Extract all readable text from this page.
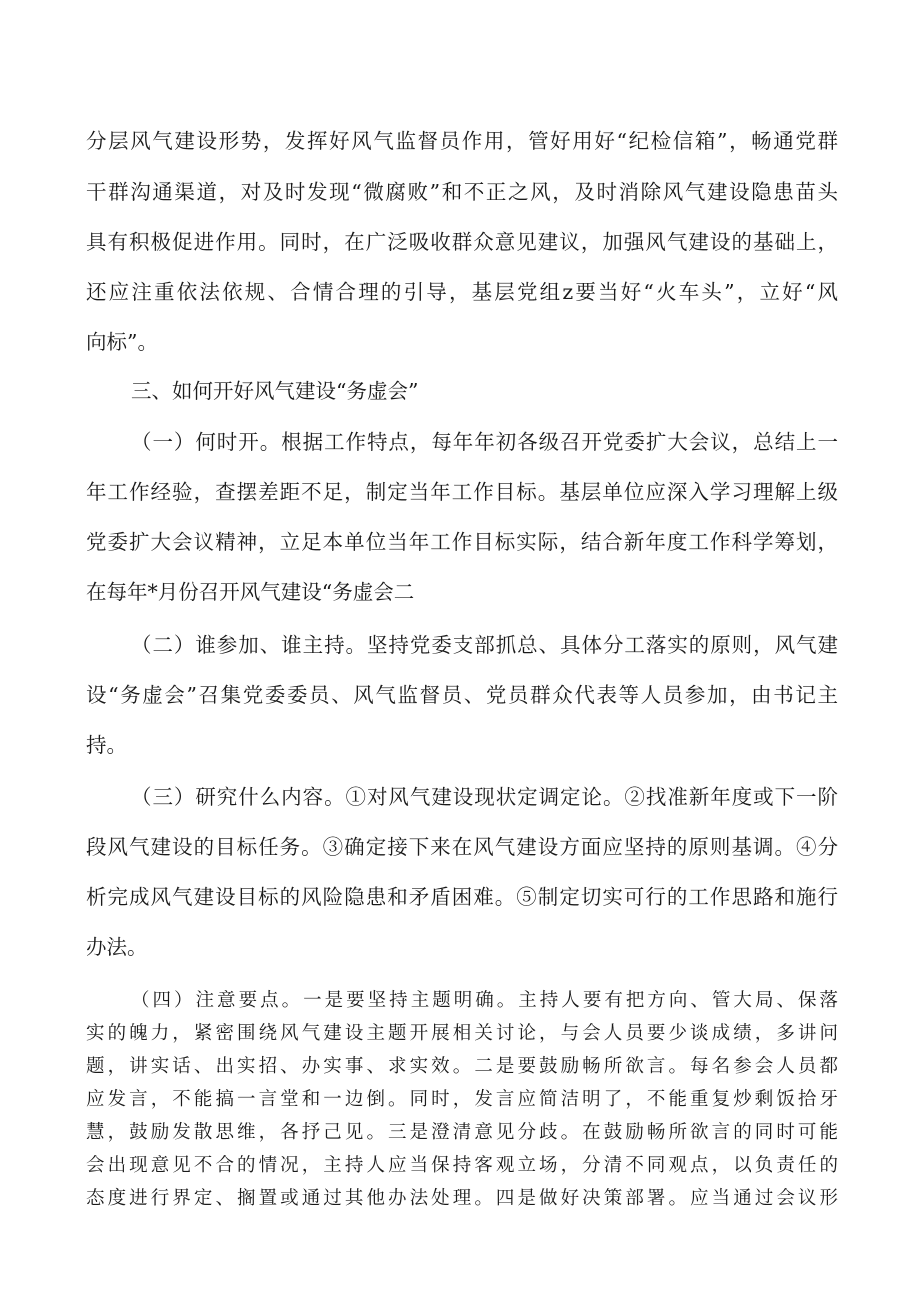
分层风气建设形势，发挥好风气监督员作用，管好用好“纪检信箱”，畅通党群
干群沟通渠道，对及时发现“微腐败”和不正之风，及时消除风气建设隐患苗头
具有积极促进作用。同时，在广泛吸收群众意见建议，加强风气建设的基础上，
还应注重依法依规、合情合理的引导，基层党组z要当好“火车头”，立好“风
向标”。
三、如何开好风气建设“务虚会”
（一）何时开。根据工作特点，每年年初各级召开党委扩大会议，总结上一
年工作经验，查摆差距不足，制定当年工作目标。基层单位应深入学习理解上级
党委扩大会议精神，立足本单位当年工作目标实际，结合新年度工作科学筹划，
在每年*月份召开风气建设“务虚会二
（二）谁参加、谁主持。坚持党委支部抓总、具体分工落实的原则，风气建
设“务虚会”召集党委委员、风气监督员、党员群众代表等人员参加，由书记主
持。
（三）研究什么内容。①对风气建设现状定调定论。②找准新年度或下一阶
段风气建设的目标任务。③确定接下来在风气建设方面应坚持的原则基调。④分
析完成风气建设目标的风险隐患和矛盾困难。⑤制定切实可行的工作思路和施行
办法。
（四）注意要点。一是要坚持主题明确。主持人要有把方向、管大局、保落
实的魄力，紧密围绕风气建设主题开展相关讨论，与会人员要少谈成绩，多讲问
题，讲实话、出实招、办实事、求实效。二是要鼓励畅所欲言。每名参会人员都
应发言，不能搞一言堂和一边倒。同时，发言应简洁明了，不能重复炒剩饭拾牙
慧，鼓励发散思维，各抒己见。三是澄清意见分歧。在鼓励畅所欲言的同时可能
会出现意见不合的情况，主持人应当保持客观立场，分清不同观点，以负责任的
态度进行界定、搁置或通过其他办法处理。四是做好决策部署。应当通过会议形
